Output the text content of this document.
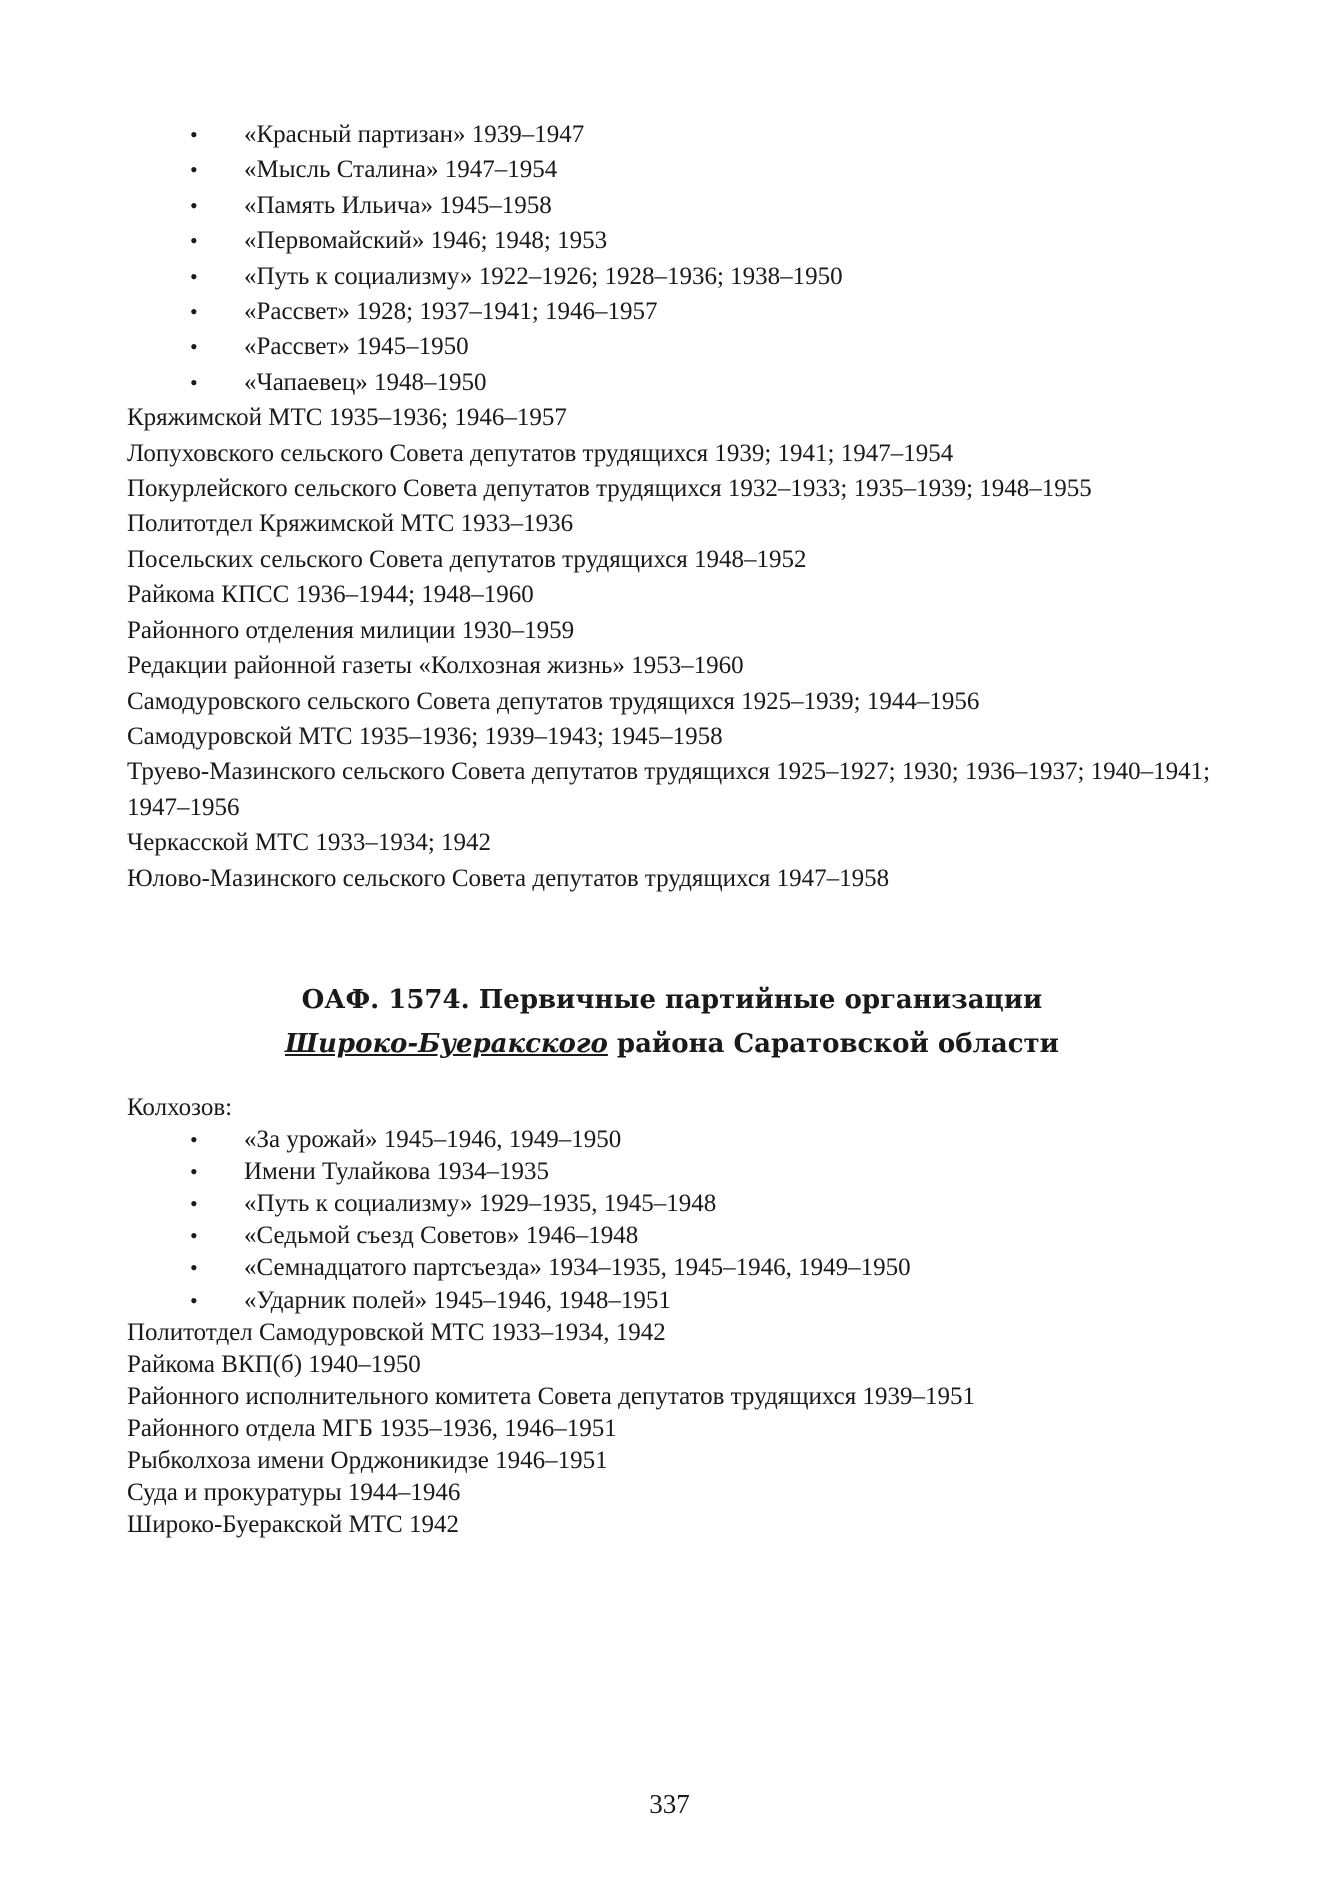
• «Красный партизан» 1939–1947
• «Мысль Сталина» 1947–1954
• «Память Ильича» 1945–1958
• «Первомайский» 1946; 1948; 1953
• «Путь к социализму» 1922–1926; 1928–1936; 1938–1950
• «Рассвет» 1928; 1937–1941; 1946–1957
• «Рассвет» 1945–1950
• «Чапаевец» 1948–1950

Кряжимской МТС 1935–1936; 1946–1957

Лопуховского сельского Совета депутатов трудящихся 1939; 1941; 1947–1954

Покурлейского сельского Совета депутатов трудящихся 1932–1933; 1935–1939; 1948–1955

Политотдел Кряжимской МТС 1933–1936

Посельских сельского Совета депутатов трудящихся 1948–1952

Райкома КПСС 1936–1944; 1948–1960

Районного отделения милиции 1930–1959

Редакции районной газеты «Колхозная жизнь» 1953–1960

Самодуровского сельского Совета депутатов трудящихся 1925–1939; 1944–1956

Самодуровской МТС 1935–1936; 1939–1943; 1945–1958

Труево-Мазинского сельского Совета депутатов трудящихся 1925–1927; 1930; 1936–1937; 1940–1941; 1947–1956

Черкасской МТС 1933–1934; 1942

Юлово-Мазинского сельского Совета депутатов трудящихся 1947–1958

ОАФ. 1574. Первичные партийные организации
Широко-Буеракского района Саратовской области

Колхозов:

• «За урожай» 1945–1946, 1949–1950
• Имени Тулайкова 1934–1935
• «Путь к социализму» 1929–1935, 1945–1948
• «Седьмой съезд Советов» 1946–1948
• «Семнадцатого партсъезда» 1934–1935, 1945–1946, 1949–1950
• «Ударник полей» 1945–1946, 1948–1951

Политотдел Самодуровской МТС 1933–1934, 1942

Райкома ВКП(б) 1940–1950

Районного исполнительного комитета Совета депутатов трудящихся 1939–1951

Районного отдела МГБ 1935–1936, 1946–1951

Рыбколхоза имени Орджоникидзе 1946–1951

Суда и прокуратуры 1944–1946

Широко-Буеракской МТС 1942

337
